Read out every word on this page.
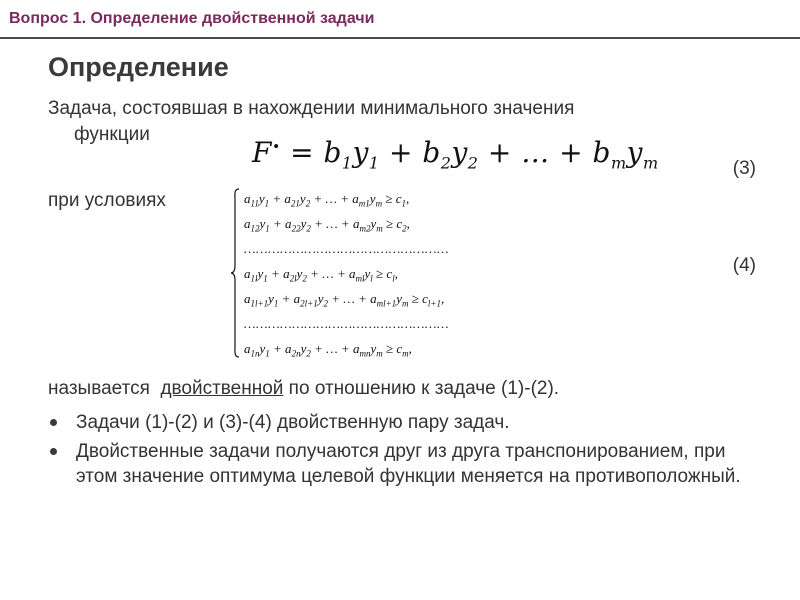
Вопрос 1. Определение двойственной задачи
Определение
Задача, состоявшая в нахождении минимального значения
функции
$F^• = b_1y_1 + b_2y_2$ + … + $b_my_m$	(3)
при условиях	$a_{11}y_1 + a_{21}y_2$ + … + $a_{m1}y_m \ge c_1$,
$a_{12}y_1 + a_{22}y_2$ + … + $a_{m2}y_m \ge c_2$,
……………………………………………
$a_{1l}y_1 + a_{2l}y_2$ + … + $a_{ml}y_l \ge c_l$,
$a_{1l+1}y_1 + a_{2l+1}y_2$ + … + $a_{ml+1}y_m \ge c_{l+1}$,
……………………………………………
$a_{1n}y_1 + a_{2n}y_2$ + … + $a_{mn}y_m \ge c_m$,
(4)
называется  двойственной по отношению к задаче (1)-(2).
Задачи (1)-(2) и (3)-(4) двойственную пару задач.
Двойственные задачи получаются друг из друга транспонированием, при этом значение оптимума целевой функции меняется на противоположный.
